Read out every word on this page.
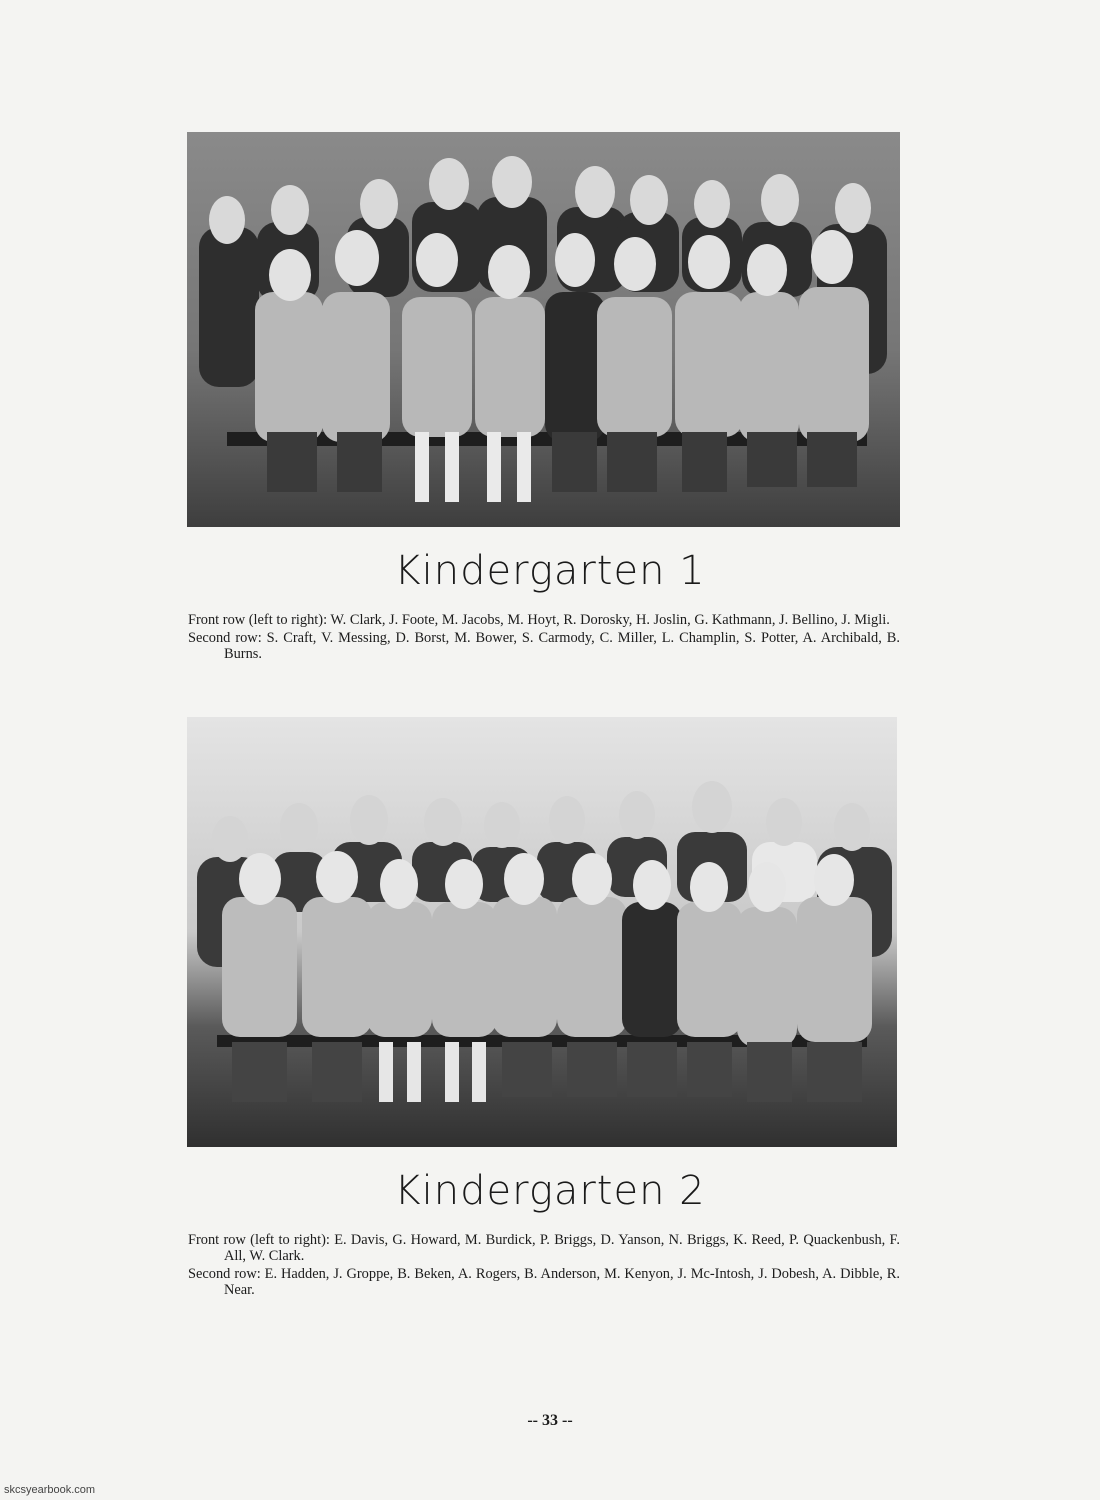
Kindergarten 1

Front row (left to right): W. Clark, J. Foote, M. Jacobs, M. Hoyt, R. Dorosky, H. Joslin, G. Kathmann, J. Bellino, J. Migli.

Second row: S. Craft, V. Messing, D. Borst, M. Bower, S. Carmody, C. Miller, L. Champlin, S. Potter, A. Archibald, B. Burns.

Kindergarten 2

Front row (left to right): E. Davis, G. Howard, M. Burdick, P. Briggs, D. Yanson, N. Briggs, K. Reed, P. Quackenbush, F. All, W. Clark.

Second row: E. Hadden, J. Groppe, B. Beken, A. Rogers, B. Anderson, M. Kenyon, J. Mc-Intosh, J. Dobesh, A. Dibble, R. Near.

-- 33 --
skcsyearbook.com
